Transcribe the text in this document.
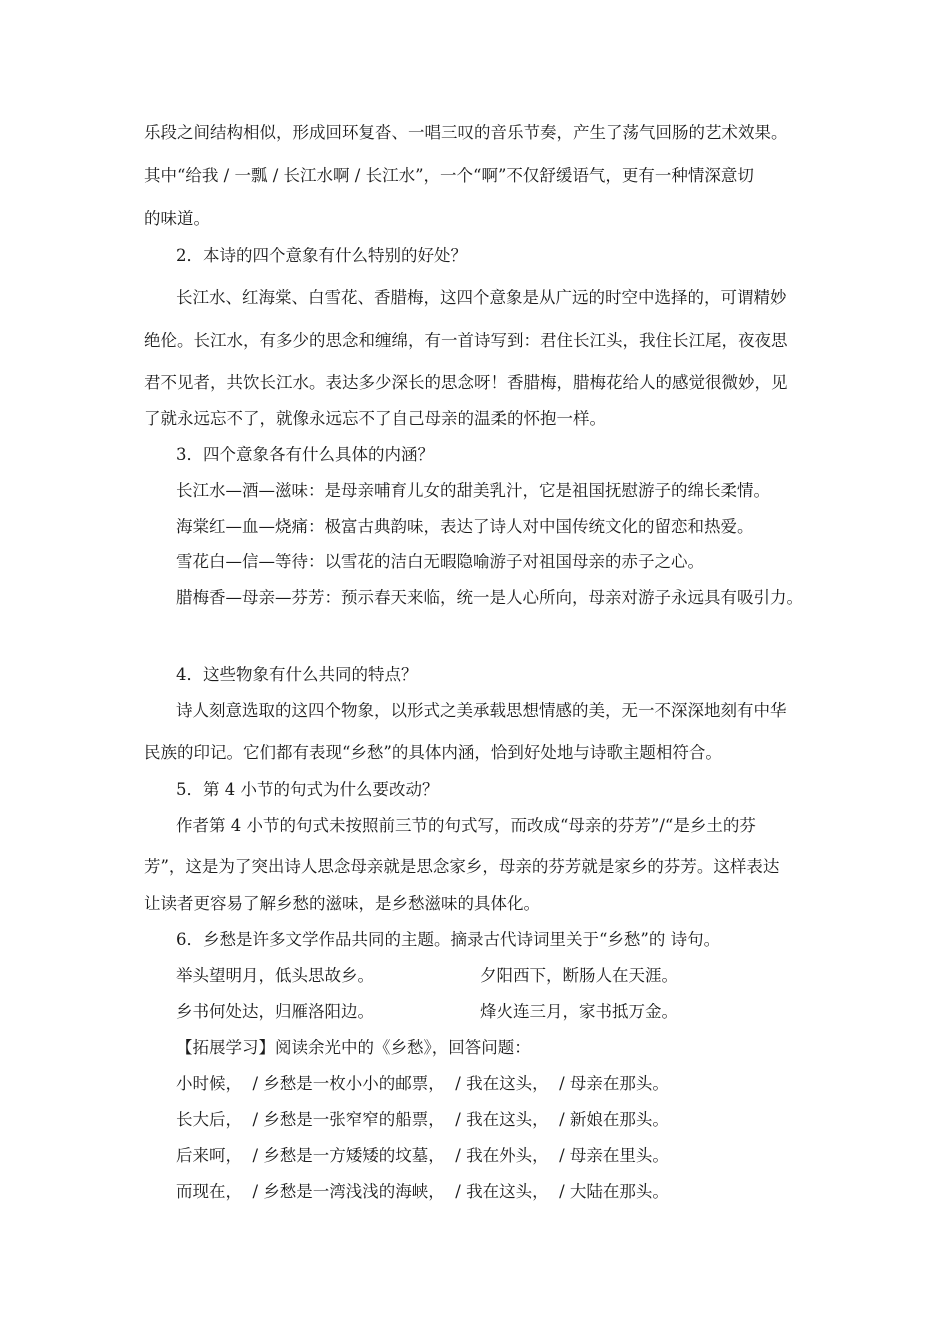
乐段之间结构相似，形成回环复沓、一唱三叹的音乐节奏，产生了荡气回肠的艺术效果。
其中“给我 / 一瓢 / 长江水啊 / 长江水”，一个“啊”不仅舒缓语气，更有一种情深意切
的味道。
2．本诗的四个意象有什么特别的好处？
长江水、红海棠、白雪花、香腊梅，这四个意象是从广远的时空中选择的，可谓精妙
绝伦。长江水，有多少的思念和缠绵，有一首诗写到：君住长江头，我住长江尾，夜夜思
君不见者，共饮长江水。表达多少深长的思念呀！香腊梅，腊梅花给人的感觉很微妙，见
了就永远忘不了，就像永远忘不了自己母亲的温柔的怀抱一样。
3．四个意象各有什么具体的内涵？
长江水—酒—滋味：是母亲哺育儿女的甜美乳汁，它是祖国抚慰游子的绵长柔情。
海棠红—血—烧痛：极富古典韵味，表达了诗人对中国传统文化的留恋和热爱。
雪花白—信—等待：以雪花的洁白无暇隐喻游子对祖国母亲的赤子之心。
腊梅香—母亲—芬芳：预示春天来临，统一是人心所向，母亲对游子永远具有吸引力。
4．这些物象有什么共同的特点？
诗人刻意选取的这四个物象，以形式之美承载思想情感的美，无一不深深地刻有中华
民族的印记。它们都有表现“乡愁”的具体内涵，恰到好处地与诗歌主题相符合。
5．第 4 小节的句式为什么要改动？
作者第 4 小节的句式未按照前三节的句式写，而改成“母亲的芬芳”/“是乡土的芬
芳”，这是为了突出诗人思念母亲就是思念家乡，母亲的芬芳就是家乡的芬芳。这样表达
让读者更容易了解乡愁的滋味，是乡愁滋味的具体化。
6．乡愁是许多文学作品共同的主题。摘录古代诗词里关于“乡愁”的 诗句。
举头望明月，低头思故乡。	夕阳西下，断肠人在天涯。
乡书何处达，归雁洛阳边。	烽火连三月，家书抵万金。
【拓展学习】阅读余光中的《乡愁》，回答问题：
小时候，  / 乡愁是一枚小小的邮票，  / 我在这头，  / 母亲在那头。
长大后，  / 乡愁是一张窄窄的船票，  / 我在这头，  / 新娘在那头。
后来呵，  / 乡愁是一方矮矮的坟墓，  / 我在外头，  / 母亲在里头。
而现在，  / 乡愁是一湾浅浅的海峡，  / 我在这头，  / 大陆在那头。
